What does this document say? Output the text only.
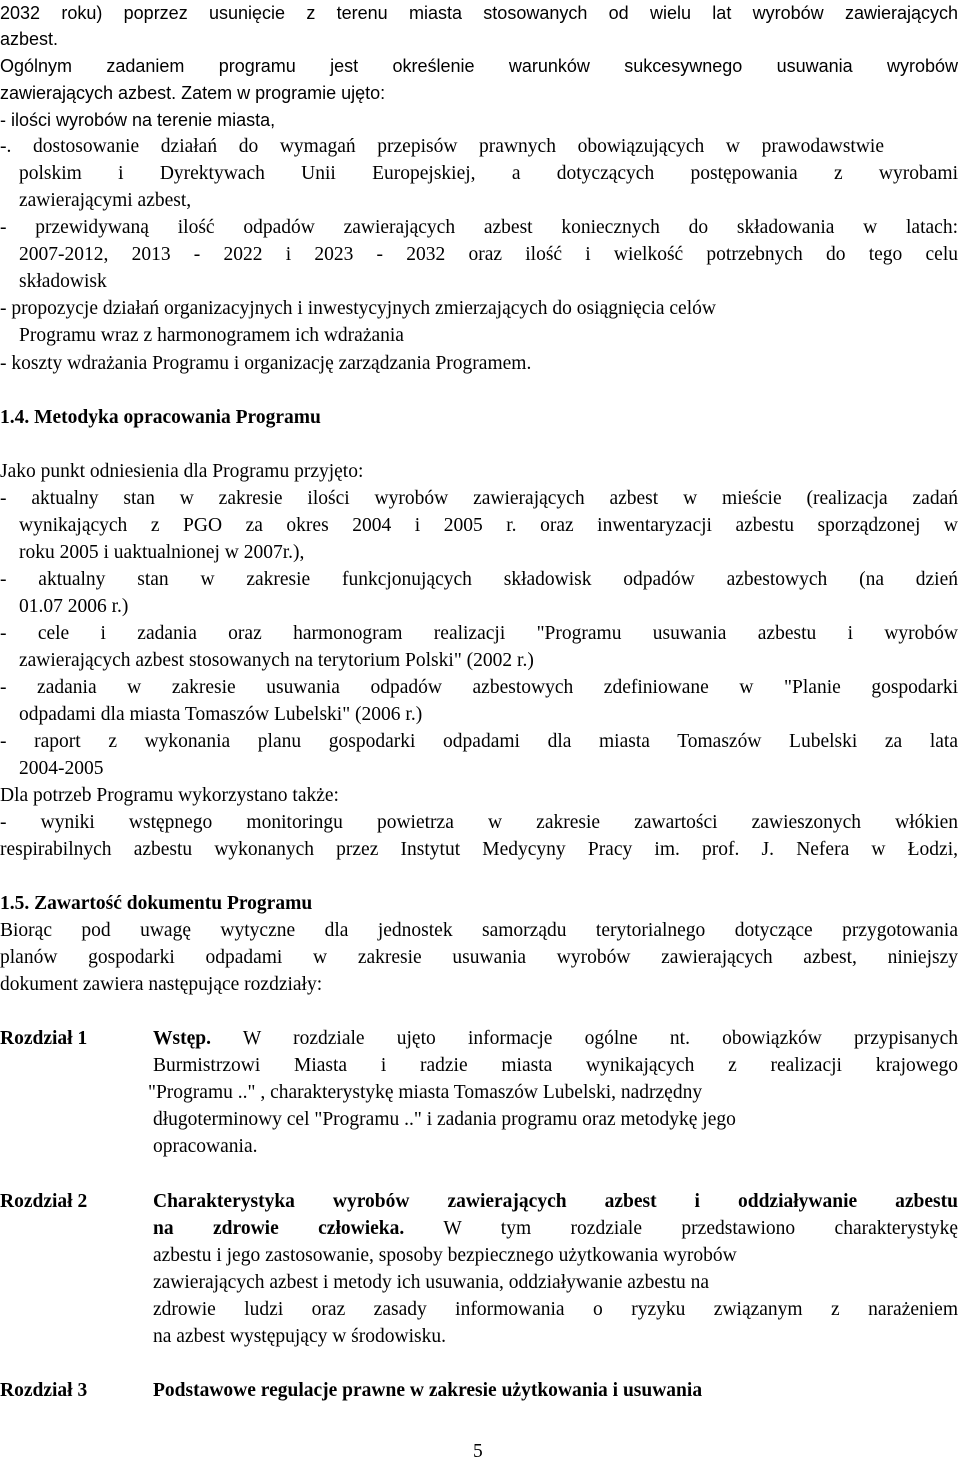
2032 roku) poprzez usunięcie z terenu miasta stosowanych od wielu lat wyrobów zawierających
azbest.
Ogólnym zadaniem programu jest określenie warunków sukcesywnego usuwania wyrobów
zawierających azbest. Zatem w programie ujęto:
- ilości wyrobów na terenie miasta,
-. dostosowanie działań do wymagań przepisów prawnych obowiązujących w prawodawstwie
polskim i Dyrektywach Unii Europejskiej, a dotyczących postępowania z wyrobami
zawierającymi azbest,
- przewidywaną ilość odpadów zawierających azbest koniecznych do składowania w latach:
2007-2012, 2013 - 2022 i 2023 - 2032 oraz ilość i wielkość potrzebnych do tego celu
składowisk
- propozycje działań organizacyjnych i inwestycyjnych zmierzających do osiągnięcia celów
Programu wraz z harmonogramem ich wdrażania
- koszty wdrażania Programu i organizację zarządzania Programem.
1.4. Metodyka opracowania Programu
Jako punkt odniesienia dla Programu przyjęto:
- aktualny stan w zakresie ilości wyrobów zawierających azbest w mieście (realizacja zadań
wynikających z PGO za okres 2004 i 2005 r. oraz inwentaryzacji azbestu sporządzonej w
roku 2005 i uaktualnionej w 2007r.),
- aktualny stan w zakresie funkcjonujących składowisk odpadów azbestowych (na dzień
01.07 2006 r.)
- cele i zadania oraz harmonogram realizacji "Programu usuwania azbestu i wyrobów
zawierających azbest stosowanych na terytorium Polski" (2002 r.)
- zadania w zakresie usuwania odpadów azbestowych zdefiniowane w "Planie gospodarki
odpadami dla miasta Tomaszów Lubelski" (2006 r.)
- raport z wykonania planu gospodarki odpadami dla miasta Tomaszów Lubelski za lata
2004-2005
Dla potrzeb Programu wykorzystano także:
- wyniki wstępnego monitoringu powietrza w zakresie zawartości zawieszonych włókien
respirabilnych azbestu wykonanych przez Instytut Medycyny Pracy im. prof. J. Nefera w Łodzi,
1.5. Zawartość dokumentu Programu
Biorąc pod uwagę wytyczne dla jednostek samorządu terytorialnego dotyczące przygotowania
planów gospodarki odpadami w zakresie usuwania wyrobów zawierających azbest, niniejszy
dokument zawiera następujące rozdziały:
Rozdział 1	Wstęp. W rozdziale ujęto informacje ogólne nt. obowiązków przypisanych
Burmistrzowi Miasta i radzie miasta wynikających z realizacji krajowego
"Programu .." , charakterystykę miasta Tomaszów Lubelski, nadrzędny
długoterminowy cel "Programu .." i zadania programu oraz metodykę jego
opracowania.
Rozdział 2	Charakterystyka wyrobów zawierających azbest i oddziaływanie azbestu
na zdrowie człowieka. W tym rozdziale przedstawiono charakterystykę
azbestu i jego zastosowanie, sposoby bezpiecznego użytkowania wyrobów
zawierających azbest i metody ich usuwania, oddziaływanie azbestu na
zdrowie ludzi oraz zasady informowania o ryzyku związanym z narażeniem
na azbest występujący w środowisku.
Rozdział 3	Podstawowe regulacje prawne w zakresie użytkowania i usuwania
5
